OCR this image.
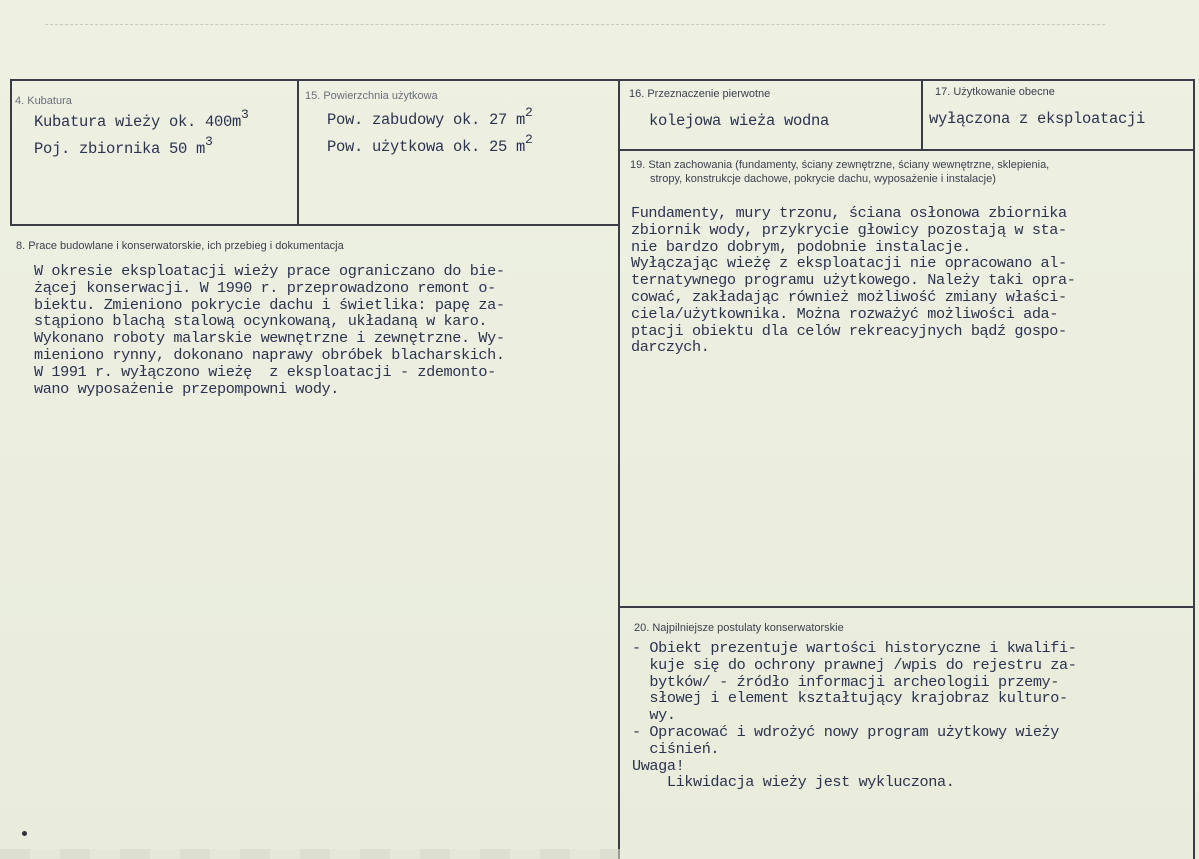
4. Kubatura
Kubatura wieży ok. $400m^3$
Poj. zbiornika 50 $m^3$
15. Powierzchnia użytkowa
Pow. zabudowy ok. 27 $m^2$
Pow. użytkowa ok. 25 $m^2$
16. Przeznaczenie pierwotne
kolejowa wieża wodna
17. Użytkowanie obecne
wyłączona z eksploatacji
8. Prace budowlane i konserwatorskie, ich przebieg i dokumentacja
W okresie eksploatacji wieży prace ograniczano do bie-
żącej konserwacji. W 1990 r. przeprowadzono remont o-
biektu. Zmieniono pokrycie dachu i świetlika: papę za-
stąpiono blachą stalową ocynkowaną, układaną w karo.
Wykonano roboty malarskie wewnętrzne i zewnętrzne. Wy-
mieniono rynny, dokonano naprawy obróbek blacharskich.
W 1991 r. wyłączono wieżę  z eksploatacji - zdemonto-
wano wyposażenie przepompowni wody.
19. Stan zachowania (fundamenty, ściany zewnętrzne, ściany wewnętrzne, sklepienia,
stropy, konstrukcje dachowe, pokrycie dachu, wyposażenie i instalacje)
Fundamenty, mury trzonu, ściana osłonowa zbiornika
zbiornik wody, przykrycie głowicy pozostają w sta-
nie bardzo dobrym, podobnie instalacje.
Wyłączając wieżę z eksploatacji nie opracowano al-
ternatywnego programu użytkowego. Należy taki opra-
cować, zakładając również możliwość zmiany właści-
ciela/użytkownika. Można rozważyć możliwości ada-
ptacji obiektu dla celów rekreacyjnych bądź gospo-
darczych.
20. Najpilniejsze postulaty konserwatorskie
- Obiekt prezentuje wartości historyczne i kwalifi-
kuje się do ochrony prawnej /wpis do rejestru za-
bytków/ - źródło informacji archeologii przemy-
słowej i element kształtujący krajobraz kulturo-
wy.
- Opracować i wdrożyć nowy program użytkowy wieży
ciśnień.
Uwaga!
Likwidacja wieży jest wykluczona.
